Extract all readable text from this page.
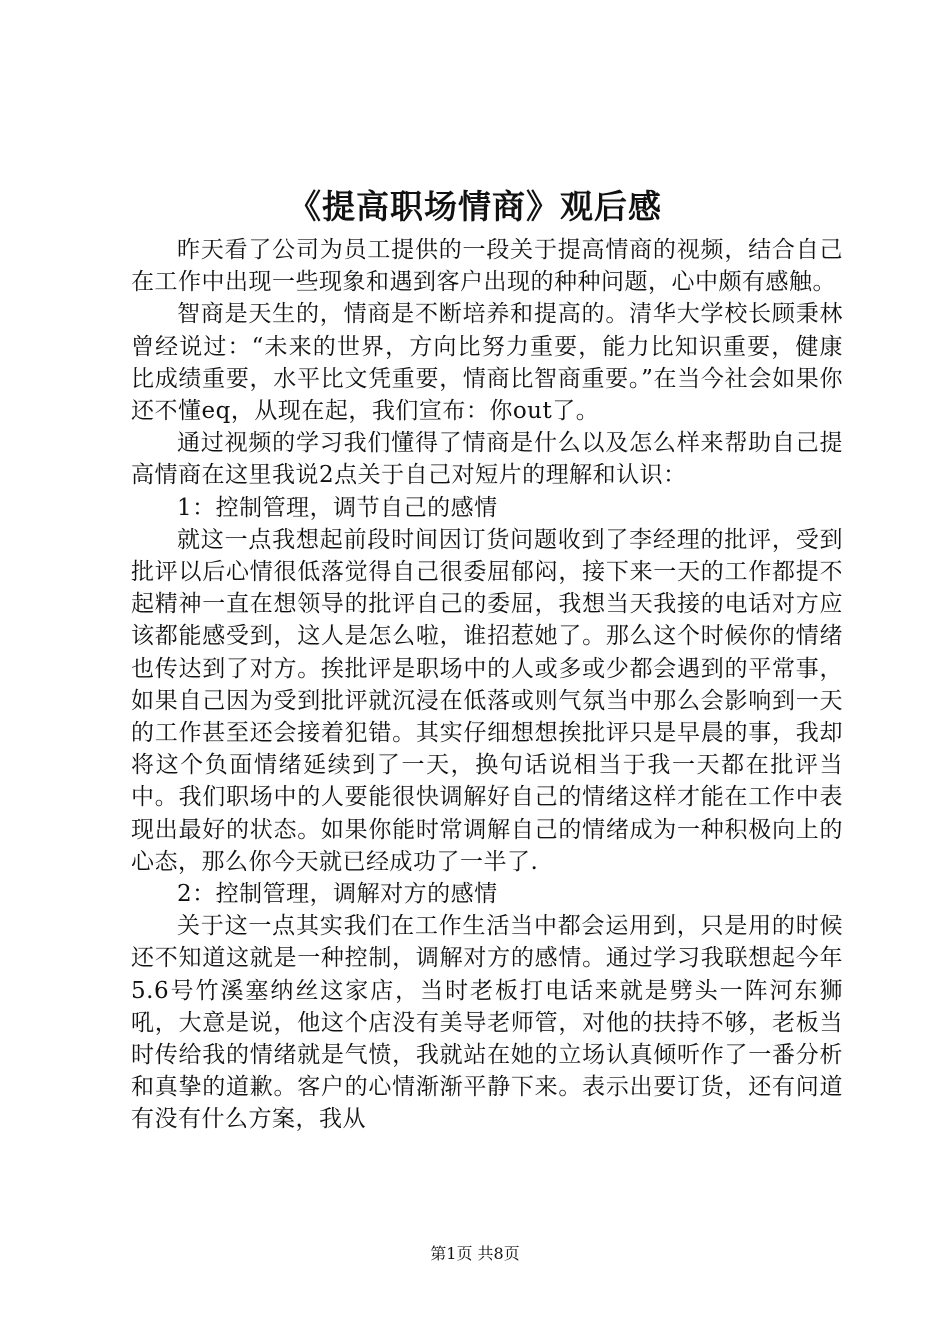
《提高职场情商》观后感

昨天看了公司为员工提供的一段关于提高情商的视频，结合自己在工作中出现一些现象和遇到客户出现的种种问题，心中颇有感触。

智商是天生的，情商是不断培养和提高的。清华大学校长顾秉林曾经说过：“未来的世界，方向比努力重要，能力比知识重要，健康比成绩重要，水平比文凭重要，情商比智商重要。”在当今社会如果你还不懂eq，从现在起，我们宣布：你out了。

通过视频的学习我们懂得了情商是什么以及怎么样来帮助自己提高情商在这里我说2点关于自己对短片的理解和认识：

1：控制管理，调节自己的感情

就这一点我想起前段时间因订货问题收到了李经理的批评，受到批评以后心情很低落觉得自己很委屈郁闷，接下来一天的工作都提不起精神一直在想领导的批评自己的委屈，我想当天我接的电话对方应该都能感受到，这人是怎么啦，谁招惹她了。那么这个时候你的情绪也传达到了对方。挨批评是职场中的人或多或少都会遇到的平常事，如果自己因为受到批评就沉浸在低落或则气氛当中那么会影响到一天的工作甚至还会接着犯错。其实仔细想想挨批评只是早晨的事，我却将这个负面情绪延续到了一天，换句话说相当于我一天都在批评当中。我们职场中的人要能很快调解好自己的情绪这样才能在工作中表现出最好的状态。如果你能时常调解自己的情绪成为一种积极向上的心态，那么你今天就已经成功了一半了.

2：控制管理，调解对方的感情

关于这一点其实我们在工作生活当中都会运用到，只是用的时候还不知道这就是一种控制，调解对方的感情。通过学习我联想起今年5.6号竹溪塞纳丝这家店，当时老板打电话来就是劈头一阵河东狮吼，大意是说，他这个店没有美导老师管，对他的扶持不够，老板当时传给我的情绪就是气愤，我就站在她的立场认真倾听作了一番分析和真挚的道歉。客户的心情渐渐平静下来。表示出要订货，还有问道有没有什么方案，我从

第1页 共8页
